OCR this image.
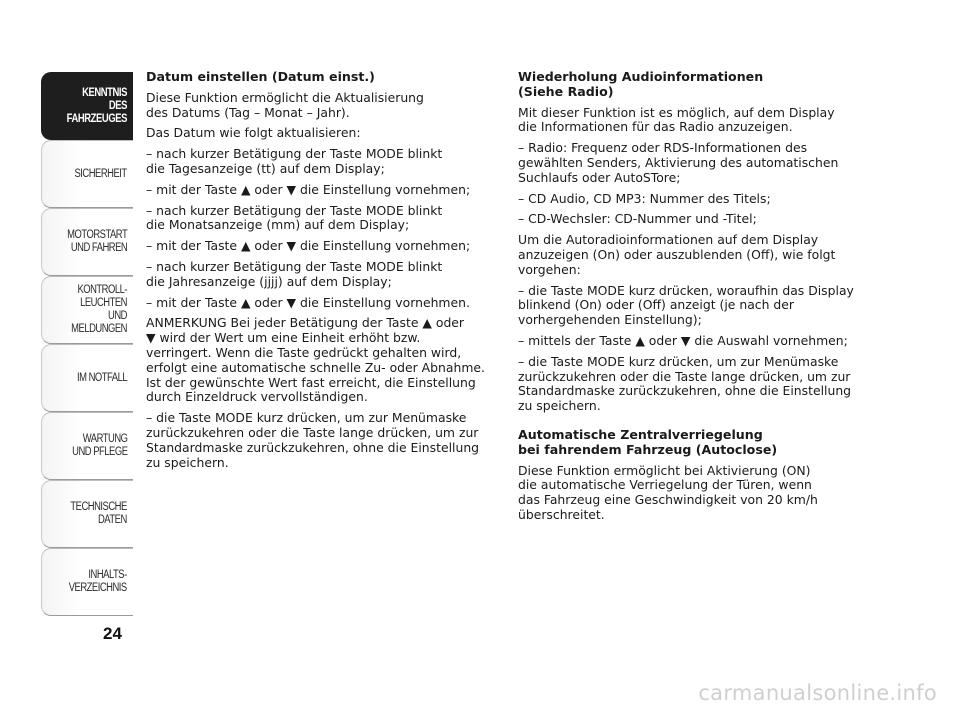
KENNTNIS
DES FAHRZEUGES
SICHERHEIT
MOTORSTART
UND FAHREN
KONTROLL-
LEUCHTEN
UND MELDUNGEN
IM NOTFALL
WARTUNG
UND PFLEGE
TECHNISCHE
DATEN
INHALTS-
VERZEICHNIS
24
Datum einstellen (Datum einst.)

Diese Funktion ermöglicht die Aktualisierung
des Datums (Tag – Monat – Jahr).

Das Datum wie folgt aktualisieren:

– nach kurzer Betätigung der Taste MODE blinkt
die Tagesanzeige (tt) auf dem Display;

– mit der Taste ▲ oder ▼ die Einstellung vornehmen;

– nach kurzer Betätigung der Taste MODE blinkt
die Monatsanzeige (mm) auf dem Display;

– mit der Taste ▲ oder ▼ die Einstellung vornehmen;

– nach kurzer Betätigung der Taste MODE blinkt
die Jahresanzeige (jjjj) auf dem Display;

– mit der Taste ▲ oder ▼ die Einstellung vornehmen.

ANMERKUNG Bei jeder Betätigung der Taste ▲ oder
▼ wird der Wert um eine Einheit erhöht bzw.
verringert. Wenn die Taste gedrückt gehalten wird,
erfolgt eine automatische schnelle Zu- oder Abnahme.
Ist der gewünschte Wert fast erreicht, die Einstellung
durch Einzeldruck vervollständigen.

– die Taste MODE kurz drücken, um zur Menümaske
zurückzukehren oder die Taste lange drücken, um zur
Standardmaske zurückzukehren, ohne die Einstellung
zu speichern.

Wiederholung Audioinformationen
(Siehe Radio)

Mit dieser Funktion ist es möglich, auf dem Display
die Informationen für das Radio anzuzeigen.

– Radio: Frequenz oder RDS-Informationen des
gewählten Senders, Aktivierung des automatischen
Suchlaufs oder AutoSTore;

– CD Audio, CD MP3: Nummer des Titels;

– CD-Wechsler: CD-Nummer und -Titel;

Um die Autoradioinformationen auf dem Display
anzuzeigen (On) oder auszublenden (Off), wie folgt
vorgehen:

– die Taste MODE kurz drücken, woraufhin das Display
blinkend (On) oder (Off) anzeigt (je nach der
vorhergehenden Einstellung);

– mittels der Taste ▲ oder ▼ die Auswahl vornehmen;

– die Taste MODE kurz drücken, um zur Menümaske
zurückzukehren oder die Taste lange drücken, um zur
Standardmaske zurückzukehren, ohne die Einstellung
zu speichern.

Automatische Zentralverriegelung
bei fahrendem Fahrzeug (Autoclose)

Diese Funktion ermöglicht bei Aktivierung (ON)
die automatische Verriegelung der Türen, wenn
das Fahrzeug eine Geschwindigkeit von 20 km/h
überschreitet.

carmanualsonline.info
